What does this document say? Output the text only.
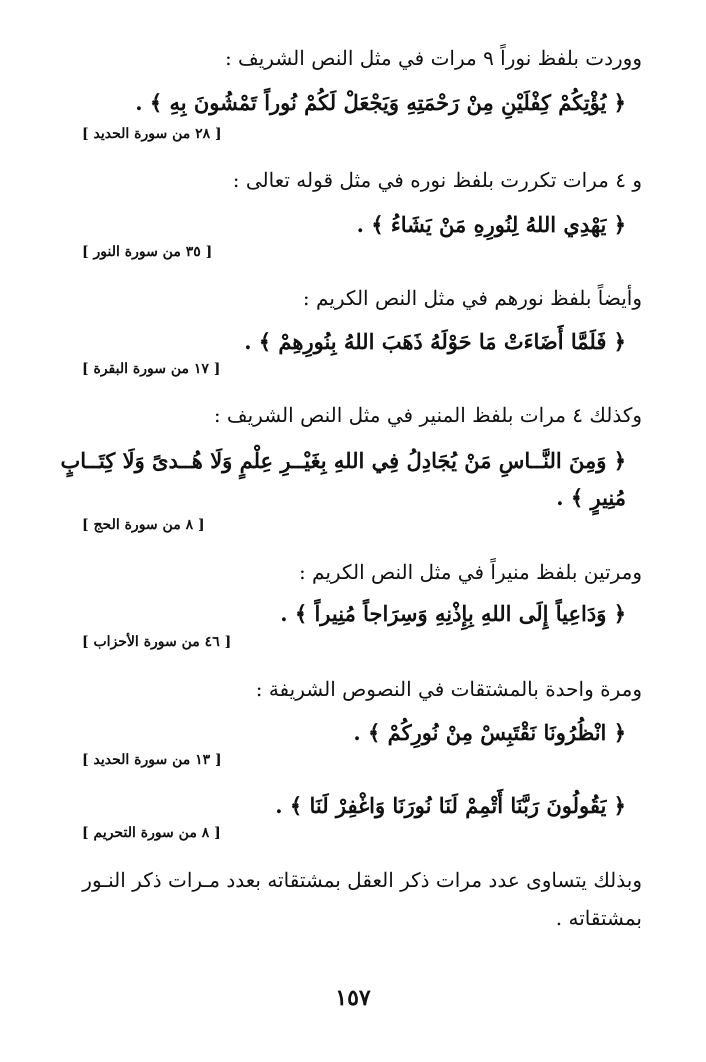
ووردت بلفظ نوراً ٩ مرات في مثل النص الشريف :
﴿ يُؤْتِكُمْ كِفْلَيْنِ مِنْ رَحْمَتِهِ وَيَجْعَلْ لَكُمْ نُوراً تَمْشُونَ بِهِ ﴾ .
[ ٢٨ من سورة الحديد ]
و ٤ مرات تكررت بلفظ نوره في مثل قوله تعالى :
﴿ يَهْدِي اللهُ لِنُورِهِ مَنْ يَشَاءُ ﴾ .
[ ٣٥ من سورة النور ]
وأيضاً بلفظ نورهم في مثل النص الكريم :
﴿ فَلَمَّا أَضَاءَتْ مَا حَوْلَهُ ذَهَبَ اللهُ بِنُورِهِمْ ﴾ .
[ ١٧ من سورة البقرة ]
وكذلك ٤ مرات بلفظ المنير في مثل النص الشريف :
﴿ وَمِنَ النَّــاسِ مَنْ يُجَادِلُ فِي اللهِ بِغَيْــرِ عِلْمٍ وَلَا هُــدىً وَلَا كِتَــابٍ
مُنِيرٍ ﴾ .
[ ٨ من سورة الحج ]
ومرتين بلفظ منيراً في مثل النص الكريم :
﴿ وَدَاعِياً إِلَى اللهِ بِإِذْنِهِ وَسِرَاجاً مُنِيراً ﴾ .
[ ٤٦ من سورة الأحزاب ]
ومرة واحدة بالمشتقات في النصوص الشريفة :
﴿ انْظُرُونَا نَقْتَبِسْ مِنْ نُورِكُمْ ﴾ .
[ ١٣ من سورة الحديد ]
﴿ يَقُولُونَ رَبَّنَا أَتْمِمْ لَنَا نُورَنَا وَاغْفِرْ لَنَا ﴾ .
[ ٨ من سورة التحريم ]
وبذلك يتساوى عدد مرات ذكر العقل بمشتقاته بعدد مـرات ذكر النـور
بمشتقاته .
١٥٧
